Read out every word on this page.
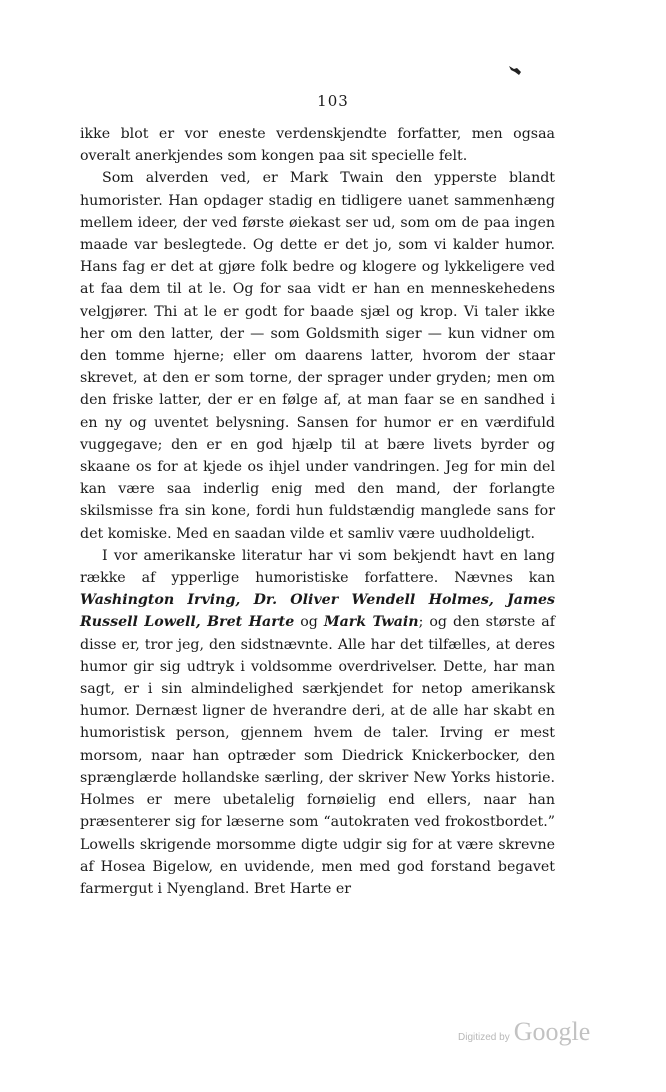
103

ikke blot er vor eneste verdenskjendte forfatter, men ogsaa overalt anerkjendes som kongen paa sit specielle felt.

Som alverden ved, er Mark Twain den ypperste blandt humorister. Han opdager stadig en tidligere uanet sammenhæng mellem ideer, der ved første øiekast ser ud, som om de paa ingen maade var beslegtede. Og dette er det jo, som vi kalder humor. Hans fag er det at gjøre folk bedre og klogere og lykkeligere ved at faa dem til at le. Og for saa vidt er han en menneskehedens velgjører. Thi at le er godt for baade sjæl og krop. Vi taler ikke her om den latter, der — som Goldsmith siger — kun vidner om den tomme hjerne; eller om daarens latter, hvorom der staar skrevet, at den er som torne, der sprager under gryden; men om den friske latter, der er en følge af, at man faar se en sandhed i en ny og uventet belysning. Sansen for humor er en værdifuld vuggegave; den er en god hjælp til at bære livets byrder og skaane os for at kjede os ihjel under vandringen. Jeg for min del kan være saa inderlig enig med den mand, der forlangte skilsmisse fra sin kone, fordi hun fuldstændig manglede sans for det komiske. Med en saadan vilde et samliv være uudholdeligt.

I vor amerikanske literatur har vi som bekjendt havt en lang række af ypperlige humoristiske forfattere. Nævnes kan Washington Irving, Dr. Oliver Wendell Holmes, James Russell Lowell, Bret Harte og Mark Twain; og den største af disse er, tror jeg, den sidstnævnte. Alle har det tilfælles, at deres humor gir sig udtryk i voldsomme overdrivelser. Dette, har man sagt, er i sin almindelighed særkjendet for netop amerikansk humor. Dernæst ligner de hverandre deri, at de alle har skabt en humoristisk person, gjennem hvem de taler. Irving er mest morsom, naar han optræder som Diedrick Knickerbocker, den sprænglærde hollandske særling, der skriver New Yorks historie. Holmes er mere ubetalelig fornøielig end ellers, naar han præsenterer sig for læserne som “autokraten ved frokostbordet.” Lowells skrigende morsomme digte udgir sig for at være skrevne af Hosea Bigelow, en uvidende, men med god forstand begavet farmergut i Nyengland. Bret Harte er

Digitized by Google
